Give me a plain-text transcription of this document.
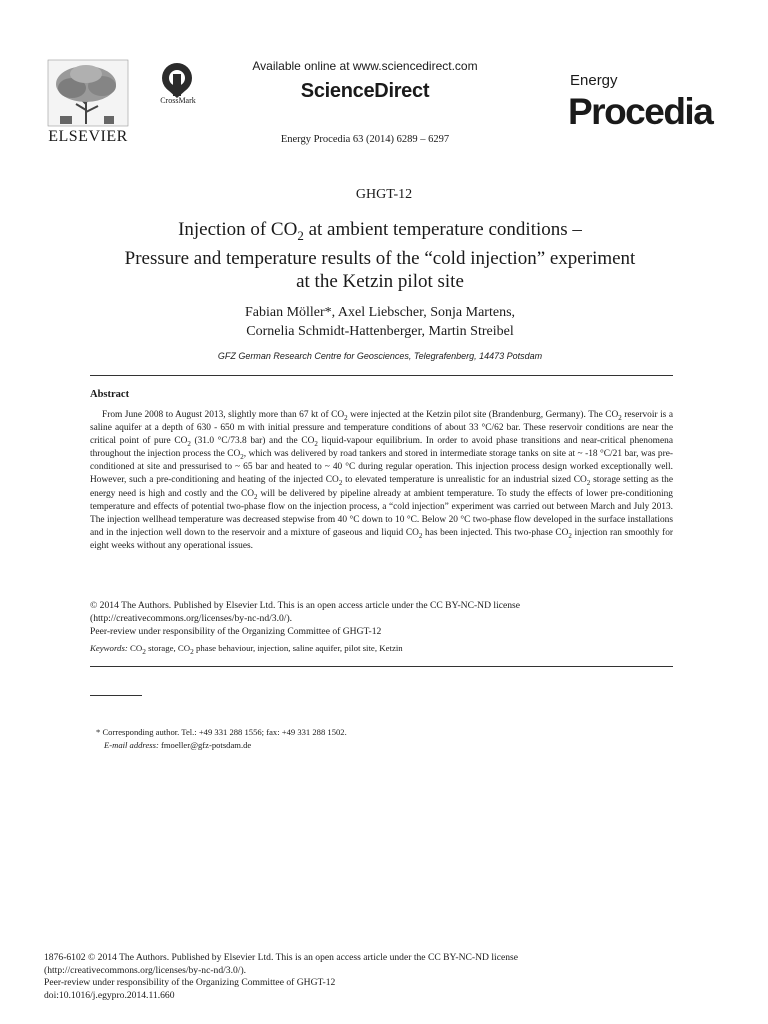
ELSEVIER
CrossMark
Available online at www.sciencedirect.com
ScienceDirect
Energy Procedia 63 (2014) 6289 – 6297
Energy
Procedia
GHGT-12
Injection of $CO_2$ at ambient temperature conditions –
Pressure and temperature results of the “cold injection” experiment
at the Ketzin pilot site
Fabian Möller*, Axel Liebscher, Sonja Martens,
Cornelia Schmidt-Hattenberger, Martin Streibel
GFZ German Research Centre for Geosciences, Telegrafenberg, 14473 Potsdam
Abstract
From June 2008 to August 2013, slightly more than 67 kt of $CO_2$ were injected at the Ketzin pilot site (Brandenburg, Germany). The $CO_2$ reservoir is a saline aquifer at a depth of 630 - 650 m with initial pressure and temperature conditions of about 33 °C/62 bar. These reservoir conditions are near the critical point of pure $CO_2$ (31.0 °C/73.8 bar) and the $CO_2$ liquid-vapour equilibrium. In order to avoid phase transitions and near-critical phenomena throughout the injection process the $CO_2$, which was delivered by road tankers and stored in intermediate storage tanks on site at ~ -18 °C/21 bar, was pre-conditioned at site and pressurised to ~ 65 bar and heated to ~ 40 °C during regular operation. This injection process design worked exceptionally well. However, such a pre-conditioning and heating of the injected $CO_2$ to elevated temperature is unrealistic for an industrial sized $CO_2$ storage setting as the energy need is high and costly and the $CO_2$ will be delivered by pipeline already at ambient temperature. To study the effects of lower pre-conditioning temperature and effects of potential two-phase flow on the injection process, a “cold injection” experiment was carried out between March and July 2013. The injection wellhead temperature was decreased stepwise from 40 °C down to 10 °C. Below 20 °C two-phase flow developed in the surface installations and in the injection well down to the reservoir and a mixture of gaseous and liquid $CO_2$ has been injected. This two-phase $CO_2$ injection ran smoothly for eight weeks without any operational issues.
© 2014 The Authors. Published by Elsevier Ltd. This is an open access article under the CC BY-NC-ND license
(http://creativecommons.org/licenses/by-nc-nd/3.0/).
Peer-review under responsibility of the Organizing Committee of GHGT-12
Keywords: $CO_2$ storage, $CO_2$ phase behaviour, injection, saline aquifer, pilot site, Ketzin
* Corresponding author. Tel.: +49 331 288 1556; fax: +49 331 288 1502.
E-mail address: fmoeller@gfz-potsdam.de
1876-6102 © 2014 The Authors. Published by Elsevier Ltd. This is an open access article under the CC BY-NC-ND license
(http://creativecommons.org/licenses/by-nc-nd/3.0/).
Peer-review under responsibility of the Organizing Committee of GHGT-12
doi:10.1016/j.egypro.2014.11.660
